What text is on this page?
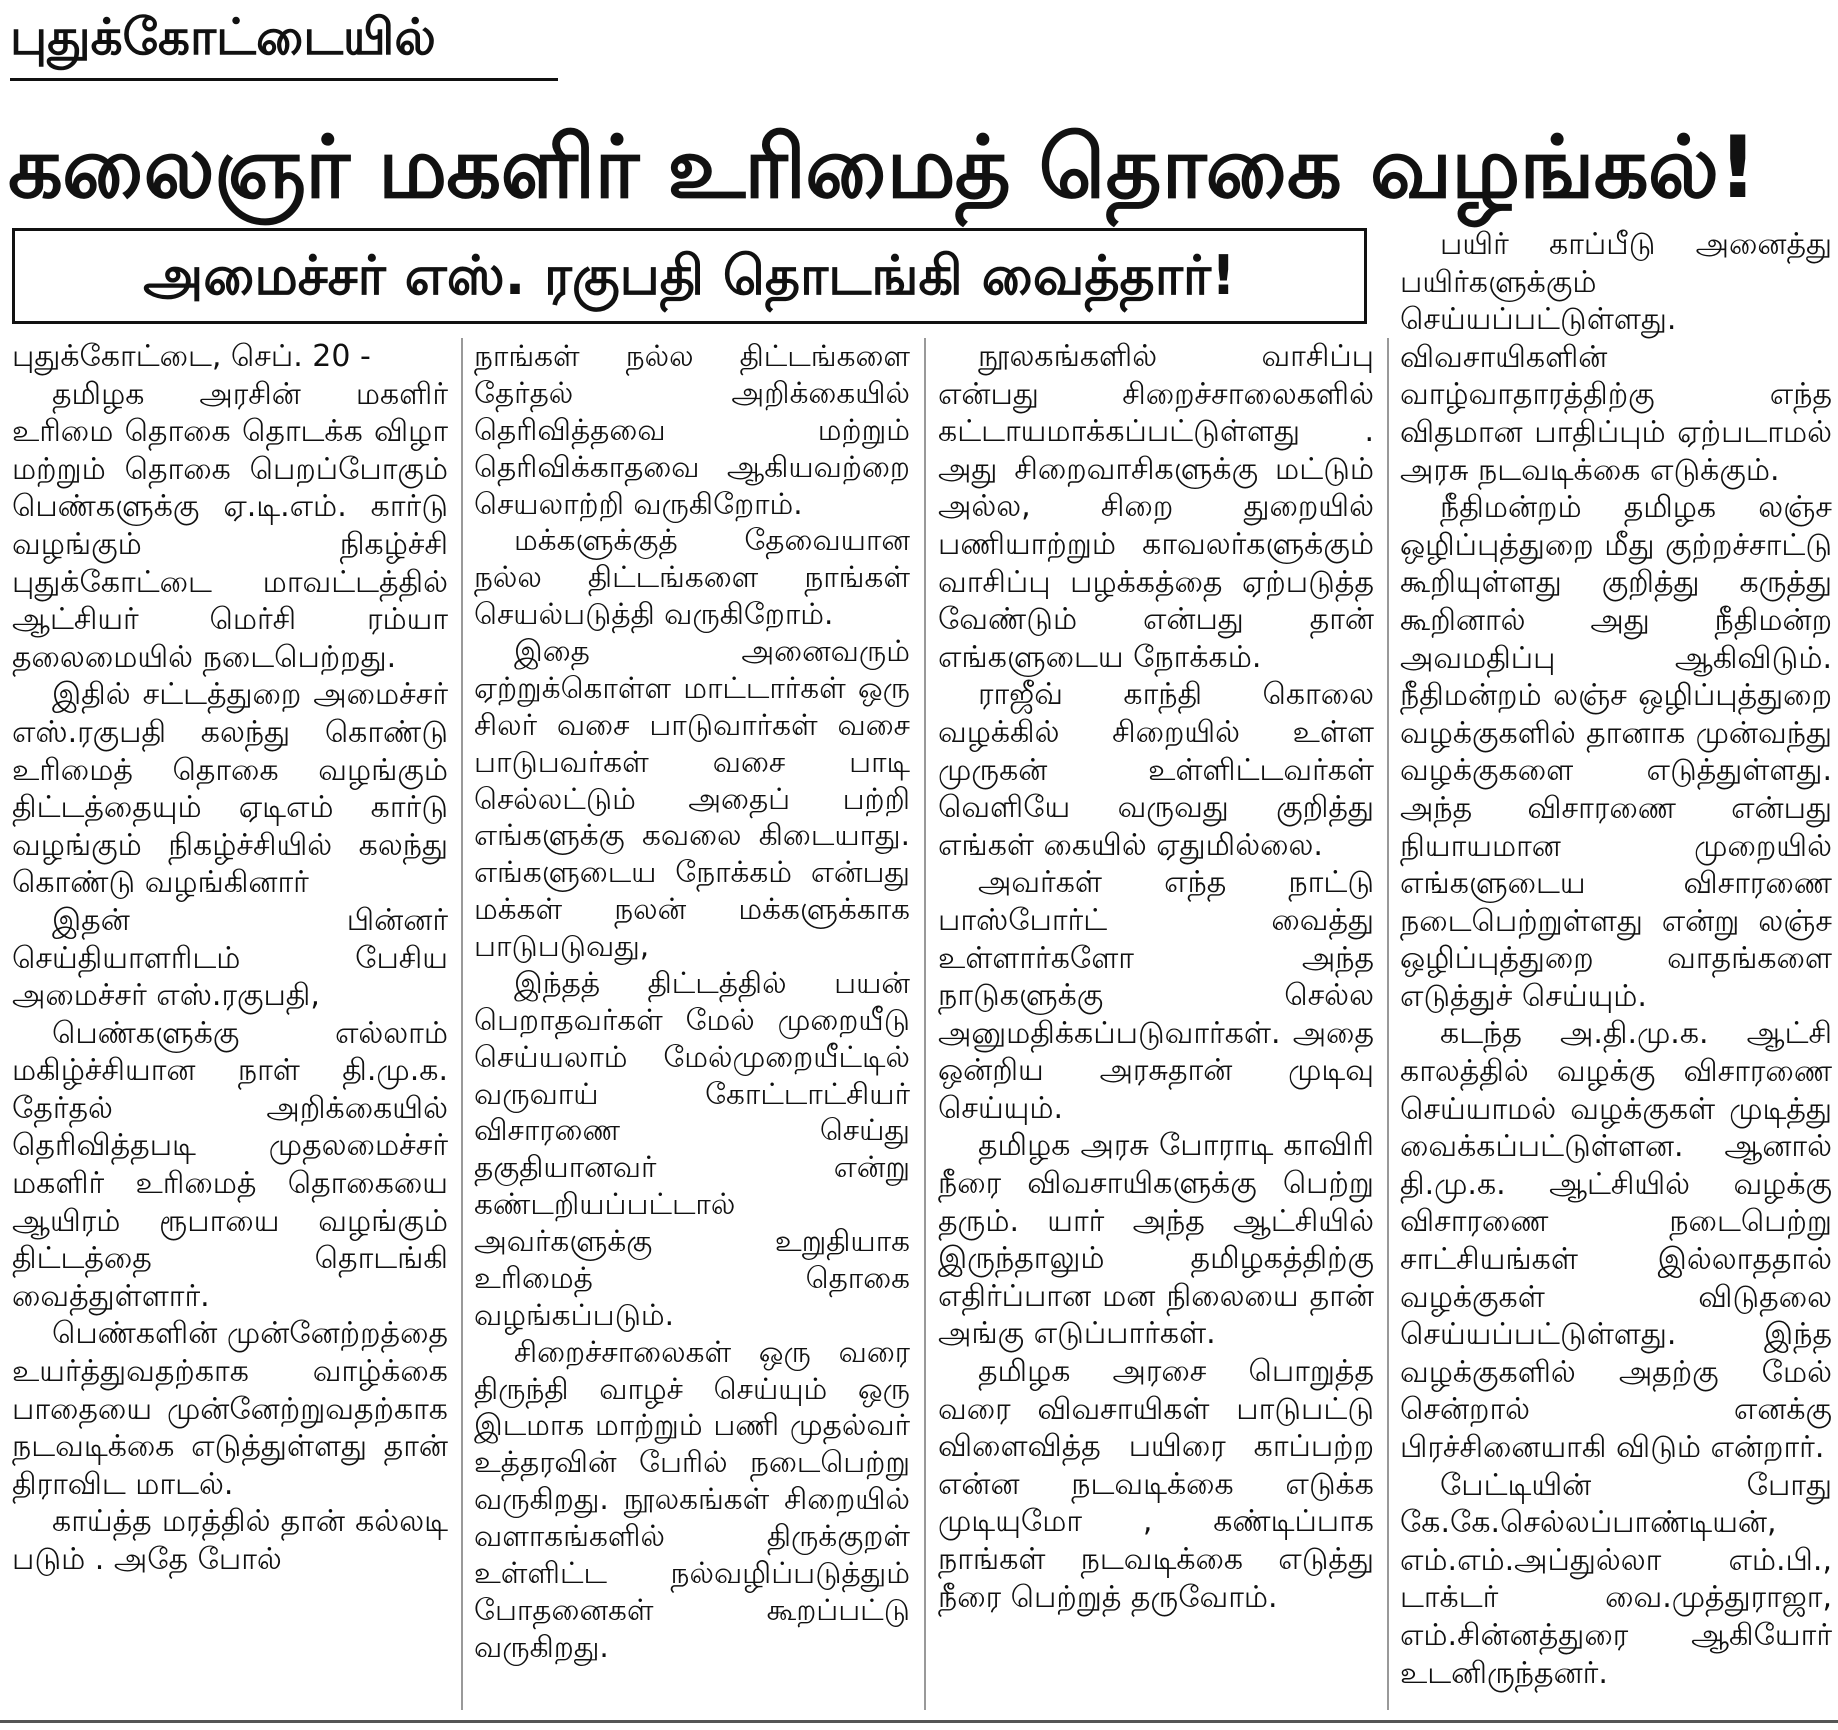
புதுக்கோட்டையில்
கலைஞர் மகளிர் உரிமைத் தொகை வழங்கல்!
அமைச்சர் எஸ். ரகுபதி தொடங்கி வைத்தார்!

புதுக்கோட்டை, செப். 20 -

தமிழக அரசின் மகளிர் உரிமை தொகை தொடக்க விழா மற்றும் தொகை பெறப்போகும் பெண்களுக்கு ஏ.டி.எம். கார்டு வழங்கும் நிகழ்ச்சி புதுக்கோட்டை மாவட்டத்தில் ஆட்சியர் மெர்சி ரம்யா தலைமையில் நடைபெற்றது.

இதில் சட்டத்துறை அமைச்சர் எஸ்.ரகுபதி கலந்து கொண்டு உரிமைத் தொகை வழங்கும் திட்டத்தையும் ஏடிஎம் கார்டு வழங்கும் நிகழ்ச்சியில் கலந்து கொண்டு வழங்கினார்

இதன் பின்னர் செய்தியாளரிடம் பேசிய அமைச்சர் எஸ்.ரகுபதி,

பெண்களுக்கு எல்லாம் மகிழ்ச்சியான நாள் தி.மு.க. தேர்தல் அறிக்கையில் தெரிவித்தபடி முதலமைச்சர் மகளிர் உரிமைத் தொகையை ஆயிரம் ரூபாயை வழங்கும் திட்டத்தை தொடங்கி வைத்துள்ளார்.

பெண்களின் முன்னேற்றத்தை உயர்த்துவதற்காக வாழ்க்கை பாதையை முன்னேற்றுவதற்காக நடவடிக்கை எடுத்துள்ளது தான் திராவிட மாடல்.

காய்த்த மரத்தில் தான் கல்லடி படும் . அதே போல்

நாங்கள் நல்ல திட்டங்களை தேர்தல் அறிக்கையில் தெரிவித்தவை மற்றும் தெரிவிக்காதவை ஆகியவற்றை செயலாற்றி வருகிறோம்.

மக்களுக்குத் தேவையான நல்ல திட்டங்களை நாங்கள் செயல்படுத்தி வருகிறோம்.

இதை அனைவரும் ஏற்றுக்கொள்ள மாட்டார்கள் ஒரு சிலர் வசை பாடுவார்கள் வசை பாடுபவர்கள் வசை பாடி செல்லட்டும் அதைப் பற்றி எங்களுக்கு கவலை கிடையாது. எங்களுடைய நோக்கம் என்பது மக்கள் நலன் மக்களுக்காக பாடுபடுவது,

இந்தத் திட்டத்தில் பயன் பெறாதவர்கள் மேல் முறையீடு செய்யலாம் மேல்முறையீட்டில் வருவாய் கோட்டாட்சியர் விசாரணை செய்து தகுதியானவர் என்று கண்டறியப்பட்டால் அவர்களுக்கு உறுதியாக உரிமைத் தொகை வழங்கப்படும்.

சிறைச்சாலைகள் ஒரு வரை திருந்தி வாழச் செய்யும் ஒரு இடமாக மாற்றும் பணி முதல்வர் உத்தரவின் பேரில் நடைபெற்று வருகிறது. நூலகங்கள் சிறையில் வளாகங்களில் திருக்குறள் உள்ளிட்ட நல்வழிப்படுத்தும் போதனைகள் கூறப்பட்டு வருகிறது.

நூலகங்களில் வாசிப்பு என்பது சிறைச்சாலைகளில் கட்டாயமாக்கப்பட்டுள்ளது . அது சிறைவாசிகளுக்கு மட்டும் அல்ல, சிறை துறையில் பணியாற்றும் காவலர்களுக்கும் வாசிப்பு பழக்கத்தை ஏற்படுத்த வேண்டும் என்பது தான் எங்களுடைய நோக்கம்.

ராஜீவ் காந்தி கொலை வழக்கில் சிறையில் உள்ள முருகன் உள்ளிட்டவர்கள் வெளியே வருவது குறித்து எங்கள் கையில் ஏதுமில்லை.

அவர்கள் எந்த நாட்டு பாஸ்போர்ட் வைத்து உள்ளார்களோ அந்த நாடுகளுக்கு செல்ல அனுமதிக்கப்படுவார்கள். அதை ஒன்றிய அரசுதான் முடிவு செய்யும்.

தமிழக அரசு போராடி காவிரி நீரை விவசாயிகளுக்கு பெற்று தரும். யார் அந்த ஆட்சியில் இருந்தாலும் தமிழகத்திற்கு எதிர்ப்பான மன நிலையை தான் அங்கு எடுப்பார்கள்.

தமிழக அரசை பொறுத்த வரை விவசாயிகள் பாடுபட்டு விளைவித்த பயிரை காப்பற்ற என்ன நடவடிக்கை எடுக்க முடியுமோ , கண்டிப்பாக நாங்கள் நடவடிக்கை எடுத்து நீரை பெற்றுத் தருவோம்.

பயிர் காப்பீடு அனைத்து பயிர்களுக்கும் செய்யப்பட்டுள்ளது. விவசாயிகளின் வாழ்வாதாரத்திற்கு எந்த விதமான பாதிப்பும் ஏற்படாமல் அரசு நடவடிக்கை எடுக்கும்.

நீதிமன்றம் தமிழக லஞ்ச ஒழிப்புத்துறை மீது குற்றச்சாட்டு கூறியுள்ளது குறித்து கருத்து கூறினால் அது நீதிமன்ற அவமதிப்பு ஆகிவிடும். நீதிமன்றம் லஞ்ச ஒழிப்புத்துறை வழக்குகளில் தானாக முன்வந்து வழக்குகளை எடுத்துள்ளது. அந்த விசாரணை என்பது நியாயமான முறையில் எங்களுடைய விசாரணை நடைபெற்றுள்ளது என்று லஞ்ச ஒழிப்புத்துறை வாதங்களை எடுத்துச் செய்யும்.

கடந்த அ.தி.மு.க. ஆட்சி காலத்தில் வழக்கு விசாரணை செய்யாமல் வழக்குகள் முடித்து வைக்கப்பட்டுள்ளன. ஆனால் தி.மு.க. ஆட்சியில் வழக்கு விசாரணை நடைபெற்று சாட்சியங்கள் இல்லாததால் வழக்குகள் விடுதலை செய்யப்பட்டுள்ளது. இந்த வழக்குகளில் அதற்கு மேல் சென்றால் எனக்கு பிரச்சினையாகி விடும் என்றார்.

பேட்டியின் போது கே.கே.செல்லப்பாண்டியன், எம்.எம்.அப்துல்லா எம்.பி., டாக்டர் வை.முத்துராஜா, எம்.சின்னத்துரை ஆகியோர் உடனிருந்தனர்.
